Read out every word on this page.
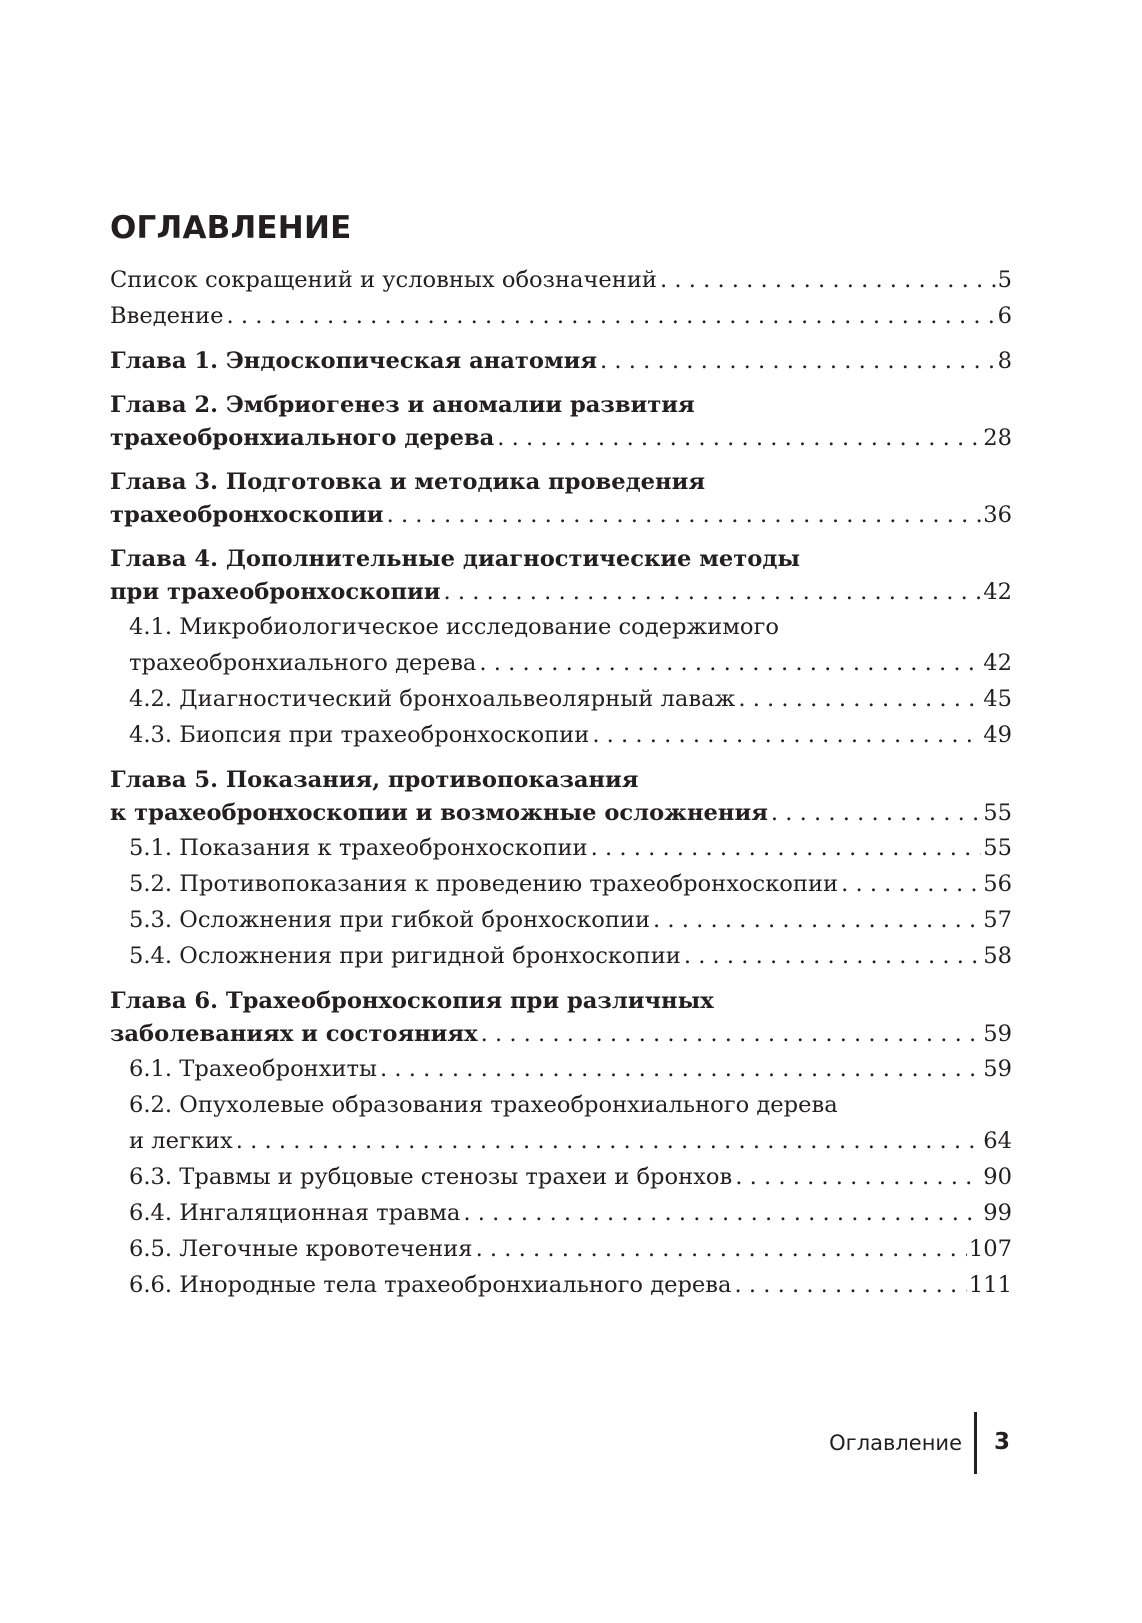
ОГЛАВЛЕНИЕ
Список сокращений и условных обозначений . . .	5
Введение . . .	6
Глава 1. Эндоскопическая анатомия . . .	8
Глава 2. Эмбриогенез и аномалии развития
трахеобронхиального дерева . . .	28
Глава 3. Подготовка и методика проведения
трахеобронхоскопии . . .	36
Глава 4. Дополнительные диагностические методы
при трахеобронхоскопии . . .	42
4.1. Микробиологическое исследование содержимого
трахеобронхиального дерева . . .	42
4.2. Диагностический бронхоальвеолярный лаваж . . .	45
4.3. Биопсия при трахеобронхоскопии . . .	49
Глава 5. Показания, противопоказания
к трахеобронхоскопии и возможные осложнения . . .	55
5.1. Показания к трахеобронхоскопии . . .	55
5.2. Противопоказания к проведению трахеобронхоскопии . . .	56
5.3. Осложнения при гибкой бронхоскопии . . .	57
5.4. Осложнения при ригидной бронхоскопии . . .	58
Глава 6. Трахеобронхоскопия при различных
заболеваниях и состояниях . . .	59
6.1. Трахеобронхиты . . .	59
6.2. Опухолевые образования трахеобронхиального дерева
и легких . . .	64
6.3. Травмы и рубцовые стенозы трахеи и бронхов . . .	90
6.4. Ингаляционная травма . . .	99
6.5. Легочные кровотечения . . .	107
6.6. Инородные тела трахеобронхиального дерева . . .	111
Оглавление 3
